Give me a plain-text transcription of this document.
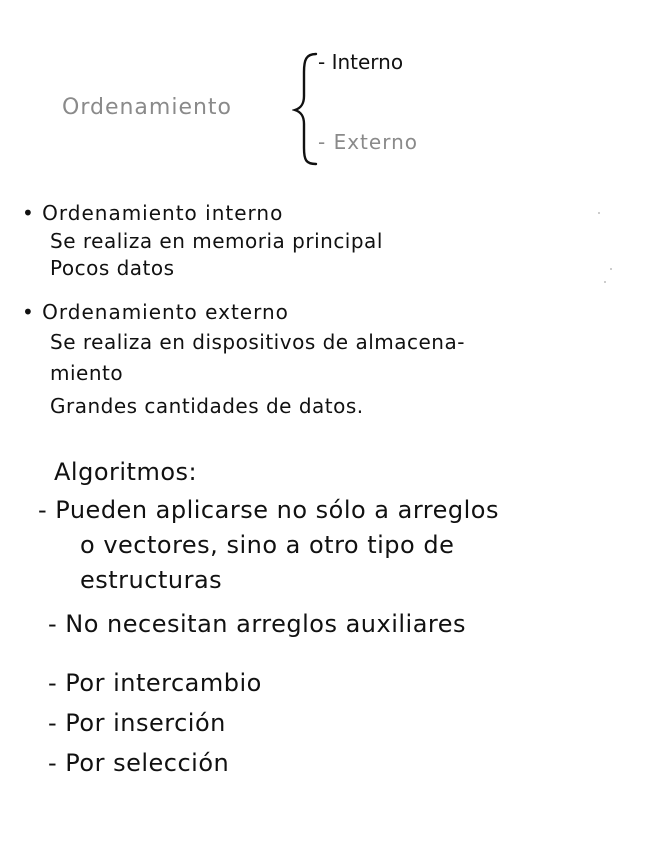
Ordenamiento
- Interno
- Externo
• Ordenamiento interno
Se realiza en memoria principal
Pocos datos
• Ordenamiento externo
Se realiza en dispositivos de almacena-
miento
Grandes cantidades de datos.
Algoritmos:
- Pueden aplicarse no sólo a arreglos
o vectores, sino a otro tipo de
estructuras
- No necesitan arreglos auxiliares
- Por intercambio
- Por inserción
- Por selección
